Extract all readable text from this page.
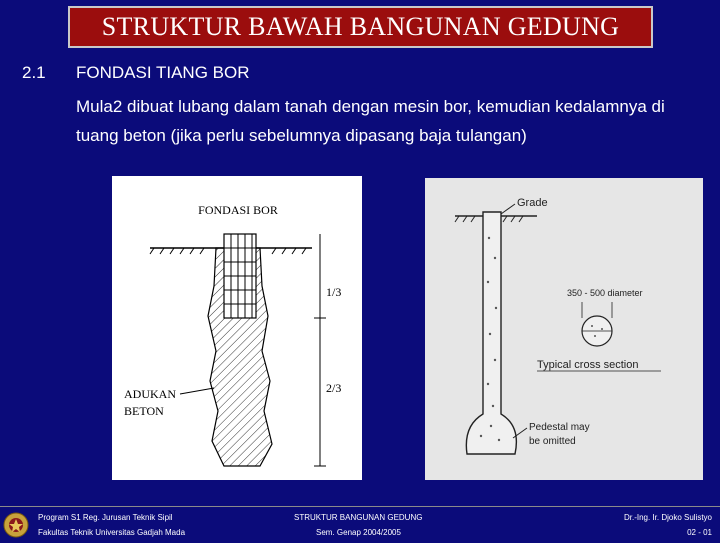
STRUKTUR BAWAH BANGUNAN GEDUNG
2.1 FONDASI TIANG BOR
Mula2 dibuat lubang dalam tanah dengan mesin bor, kemudian kedalamnya di tuang beton (jika perlu sebelumnya dipasang baja tulangan)
FONDASI BOR
1/3
2/3
ADUKAN
BETON
Grade
350 - 500 diameter
Typical cross section
Pedestal may
be omitted
Program S1 Reg. Jurusan Teknik Sipil
Fakultas Teknik Universitas Gadjah Mada
STRUKTUR BANGUNAN GEDUNG
Sem. Genap 2004/2005
Dr.-Ing. Ir. Djoko Sulistyo
02 - 01
